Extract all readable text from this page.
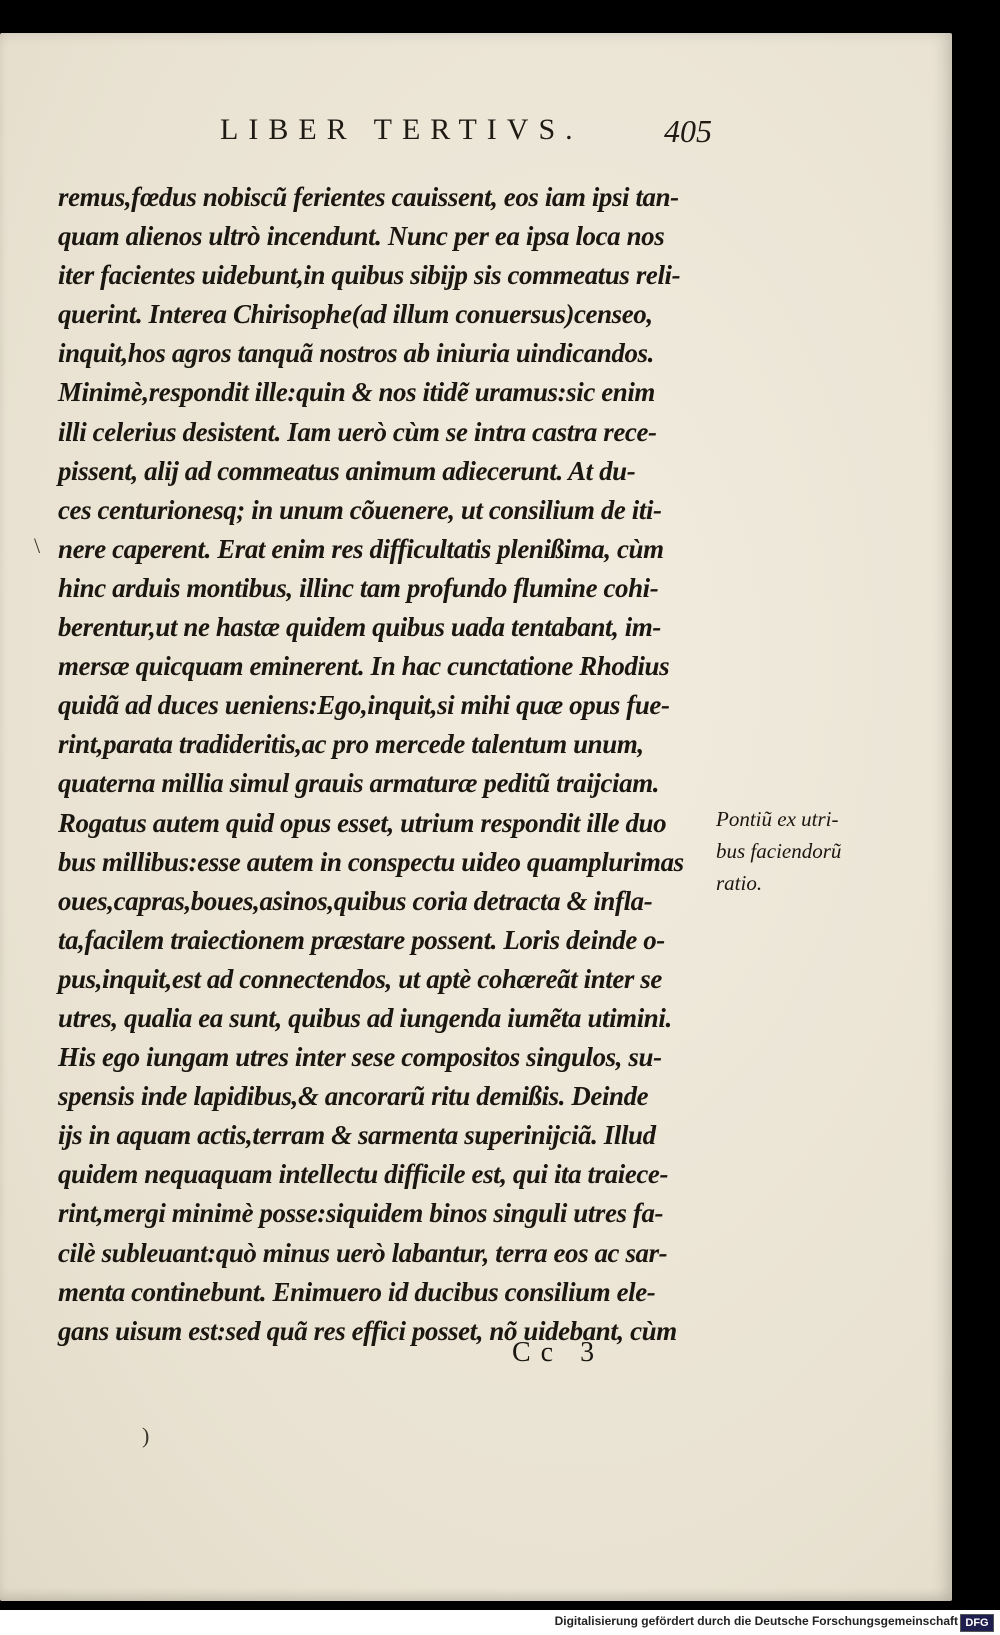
LIBER TERTIVS.	405
remus,fœdus nobiscũ ferientes cauissent, eos iam ipsi tan-
quam alienos ultrò incendunt. Nunc per ea ipsa loca nos
iter facientes uidebunt,in quibus sibijp sis commeatus reli-
querint. Interea Chirisophe(ad illum conuersus)censeo,
inquit,hos agros tanquã nostros ab iniuria uindicandos.
Minimè,respondit ille:quin & nos itidẽ uramus:sic enim
illi celerius desistent. Iam uerò cùm se intra castra rece-
pissent, alij ad commeatus animum adiecerunt. At du-
ces centurionesq; in unum cõuenere, ut consilium de iti-
nere caperent. Erat enim res difficultatis plenißima, cùm
hinc arduis montibus, illinc tam profundo flumine cohi-
berentur,ut ne hastæ quidem quibus uada tentabant, im-
mersæ quicquam eminerent. In hac cunctatione Rhodius
quidã ad duces ueniens:Ego,inquit,si mihi quæ opus fue-
rint,parata tradideritis,ac pro mercede talentum unum,
quaterna millia simul grauis armaturæ peditũ traijciam.
Rogatus autem quid opus esset, utrium respondit ille duo
bus millibus:esse autem in conspectu uideo quamplurimas
oues,capras,boues,asinos,quibus coria detracta & infla-
ta,facilem traiectionem præstare possent. Loris deinde o-
pus,inquit,est ad connectendos, ut aptè cohæreãt inter se
utres, qualia ea sunt, quibus ad iungenda iumẽta utimini.
His ego iungam utres inter sese compositos singulos, su-
spensis inde lapidibus,& ancorarũ ritu demißis. Deinde
ijs in aquam actis,terram & sarmenta superinijciã. Illud
quidem nequaquam intellectu difficile est, qui ita traiece-
rint,mergi minimè posse:siquidem binos singuli utres fa-
cilè subleuant:quò minus uerò labantur, terra eos ac sar-
menta continebunt. Enimuero id ducibus consilium ele-
gans uisum est:sed quã res effici posset, nõ uidebant, cùm
Pontiũ ex utri-
bus faciendorũ
ratio.
Cc 3
\
)
Digitalisierung gefördert durch die Deutsche Forschungsgemeinschaft DFG
